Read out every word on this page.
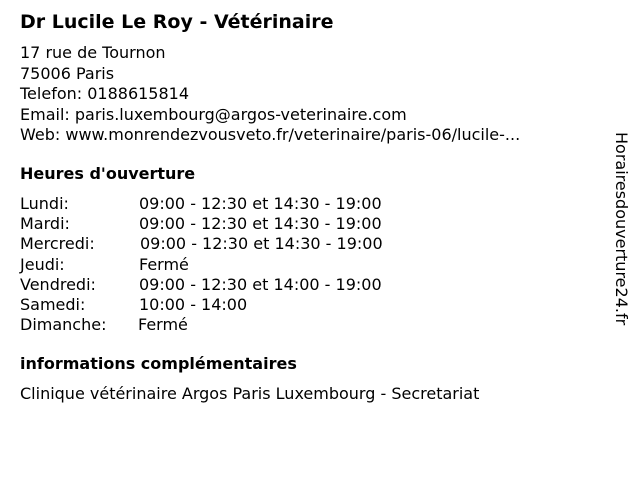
Dr Lucile Le Roy - Vétérinaire
17 rue de Tournon
75006 Paris
Telefon: 0188615814
Email: paris.luxembourg@argos-veterinaire.com
Web: www.monrendezvousveto.fr/veterinaire/paris-06/lucile-...
Heures d'ouverture
Lundi:	09:00 - 12:30 et 14:30 - 19:00
Mardi:	09:00 - 12:30 et 14:30 - 19:00
Mercredi:	09:00 - 12:30 et 14:30 - 19:00
Jeudi:	Fermé
Vendredi:	09:00 - 12:30 et 14:00 - 19:00
Samedi:	10:00 - 14:00
Dimanche: Fermé
informations complémentaires
Clinique vétérinaire Argos Paris Luxembourg - Secretariat
Horairesdouverture24.fr
